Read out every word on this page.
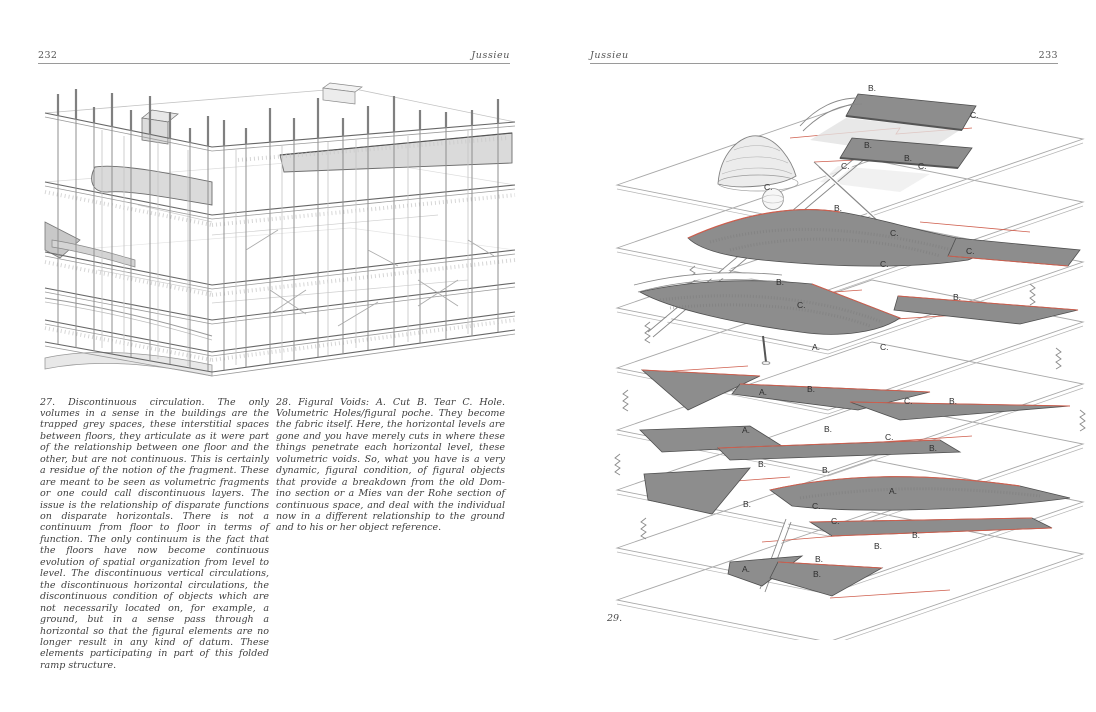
232	Jussieu	Jussieu	233

27. Discontinuous circulation. The only volumes in a sense in the buildings are the trapped grey spaces, these interstitial spaces between floors, they articulate as it were part of the relationship between one floor and the other, but are not continuous. This is certainly a residue of the notion of the fragment. These are meant to be seen as volumetric fragments or one could call discontinuous layers. The issue is the relationship of disparate functions on disparate horizontals. There is not a continuum from floor to floor in terms of function. The only continuum is the fact that the floors have now become continuous evolution of spatial organization from level to level. The discontinuous vertical circulations, the discontinuous horizontal circulations, the discontinuous condition of objects which are not necessarily located on, for example, a ground, but in a sense pass through a horizontal so that the figural elements are no longer result in any kind of datum. These elements participating in part of this folded ramp structure.

28. Figural Voids: A. Cut B. Tear C. Hole. Volumetric Holes/figural poche. They become the fabric itself. Here, the horizontal levels are gone and you have merely cuts in where these things penetrate each horizontal level, these volumetric voids. So, what you have is a very dynamic, figural condition, of figural objects that provide a breakdown from the old Dom-ino section or a Mies van der Rohe section of continuous space, and deal with the individual now in a different relationship to the ground and to his or her object reference.

B.
C.
B.
B.
C.	C.
C.
B.
C.
C.
C.
B.
B.
C.
A.	C.
A.	B.
C.	B.
A.	B.
C.
B.
B.
B.
A.
B.	C.
C.
B.
B.
B.
A.	B.
29.
